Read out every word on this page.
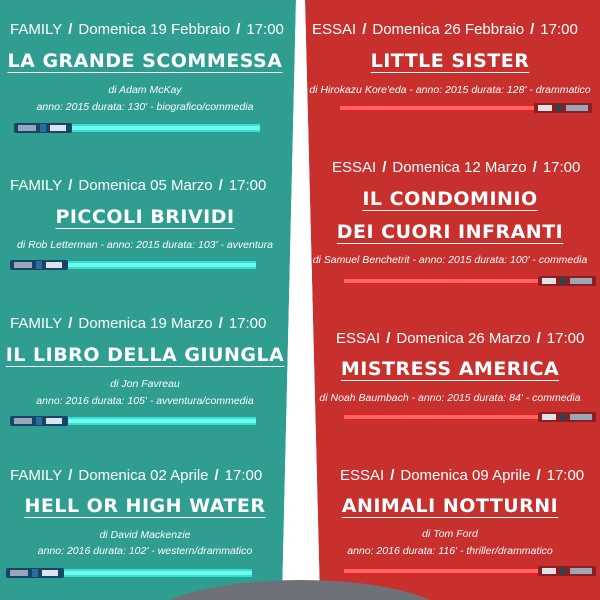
FAMILY / Domenica 19 Febbraio / 17:00
LA GRANDE SCOMMESSA
di Adam McKay
anno: 2015 durata: 130' - biografico/commedia
FAMILY / Domenica 05 Marzo / 17:00
PICCOLI BRIVIDI
di Rob Letterman - anno: 2015 durata: 103' - avventura
FAMILY / Domenica 19 Marzo / 17:00
IL LIBRO DELLA GIUNGLA
di Jon Favreau
anno: 2016 durata: 105' - avventura/commedia
FAMILY / Domenica 02 Aprile / 17:00
HELL OR HIGH WATER
di David Mackenzie
anno: 2016 durata: 102' - western/drammatico
ESSAI / Domenica 26 Febbraio / 17:00
LITTLE SISTER
di Hirokazu Kore'eda - anno: 2015 durata: 128' - drammatico
ESSAI / Domenica 12 Marzo / 17:00
IL CONDOMINIO
DEI CUORI INFRANTI
di Samuel Benchetrit - anno: 2015 durata: 100' - commedia
ESSAI / Domenica 26 Marzo / 17:00
MISTRESS AMERICA
di Noah Baumbach - anno: 2015 durata: 84' - commedia
ESSAI / Domenica 09 Aprile / 17:00
ANIMALI NOTTURNI
di Tom Ford
anno: 2016 durata: 116' - thriller/drammatico
